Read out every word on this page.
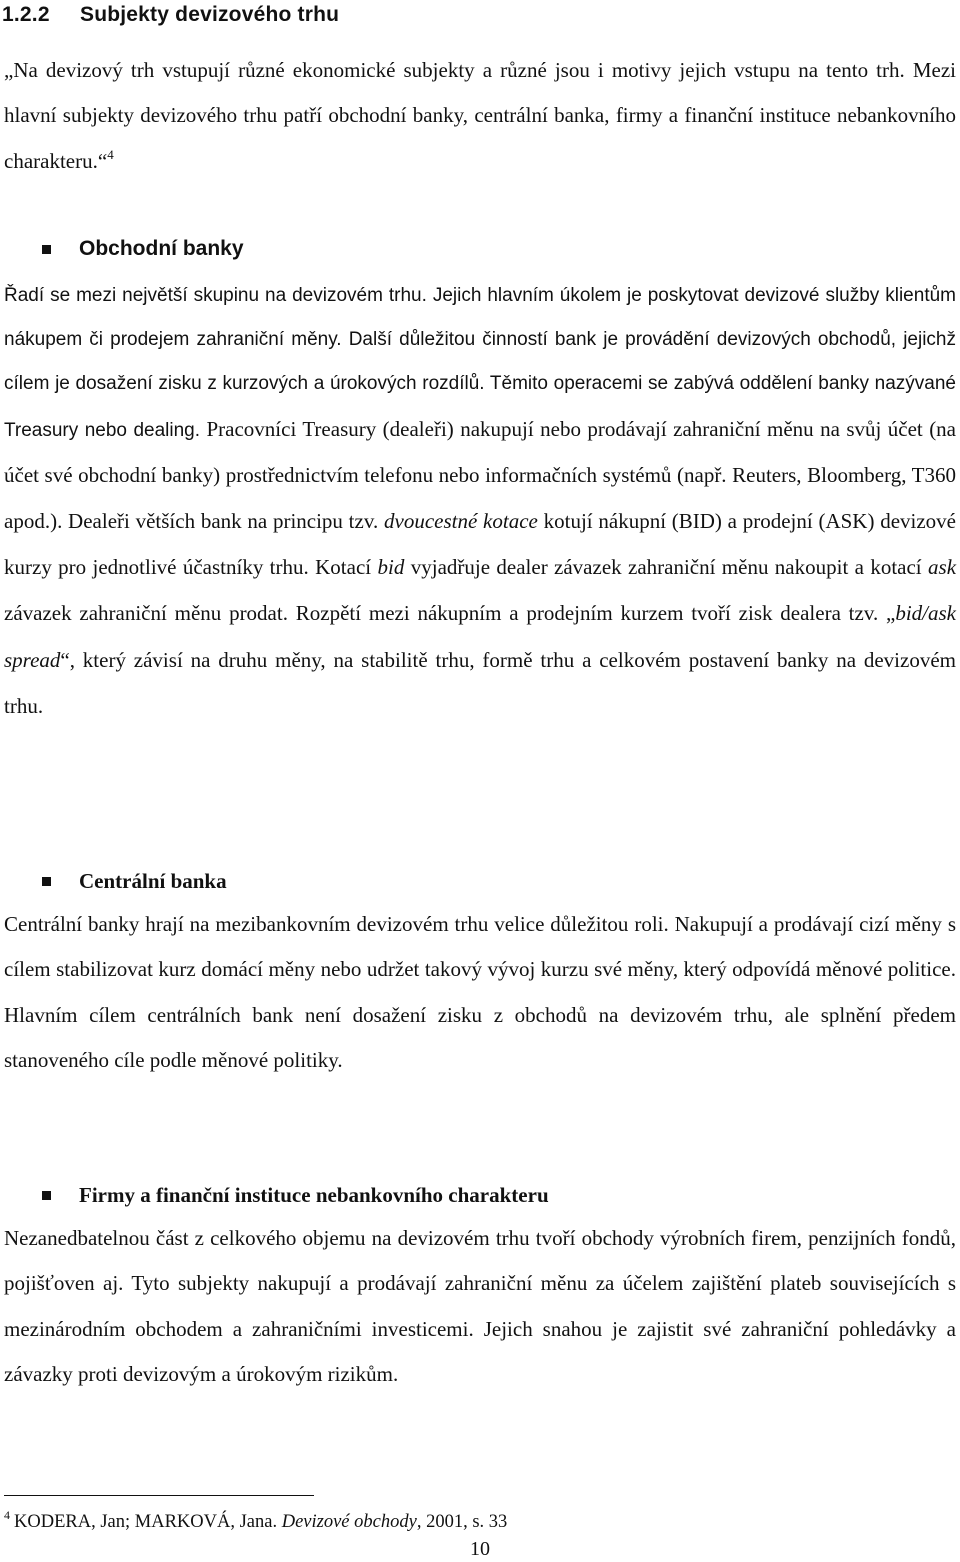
1.2.2 Subjekty devizového trhu

„Na devizový trh vstupují různé ekonomické subjekty a různé jsou i motivy jejich vstupu na tento trh. Mezi hlavní subjekty devizového trhu patří obchodní banky, centrální banka, firmy a finanční instituce nebankovního charakteru.“$^4$

Obchodní banky

Řadí se mezi největší skupinu na devizovém trhu. Jejich hlavním úkolem je poskytovat devizové služby klientům nákupem či prodejem zahraniční měny. Další důležitou činností bank je provádění devizových obchodů, jejichž cílem je dosažení zisku z kurzových a úrokových rozdílů. Těmito operacemi se zabývá oddělení banky nazývané Treasury nebo dealing. Pracovníci Treasury (dealeři) nakupují nebo prodávají zahraniční měnu na svůj účet (na účet své obchodní banky) prostřednictvím telefonu nebo informačních systémů (např. Reuters, Bloomberg, T360 apod.). Dealeři větších bank na principu tzv. dvoucestné kotace kotují nákupní (BID) a prodejní (ASK) devizové kurzy pro jednotlivé účastníky trhu. Kotací bid vyjadřuje dealer závazek zahraniční měnu nakoupit a kotací ask závazek zahraniční měnu prodat. Rozpětí mezi nákupním a prodejním kurzem tvoří zisk dealera tzv. „bid/ask spread“, který závisí na druhu měny, na stabilitě trhu, formě trhu a celkovém postavení banky na devizovém trhu.

Centrální banka

Centrální banky hrají na mezibankovním devizovém trhu velice důležitou roli. Nakupují a prodávají cizí měny s cílem stabilizovat kurz domácí měny nebo udržet takový vývoj kurzu své měny, který odpovídá měnové politice. Hlavním cílem centrálních bank není dosažení zisku z obchodů na devizovém trhu, ale splnění předem stanoveného cíle podle měnové politiky.

Firmy a finanční instituce nebankovního charakteru

Nezanedbatelnou část z celkového objemu na devizovém trhu tvoří obchody výrobních firem, penzijních fondů, pojišťoven aj. Tyto subjekty nakupují a prodávají zahraniční měnu za účelem zajištění plateb souvisejících s mezinárodním obchodem a zahraničními investicemi. Jejich snahou je zajistit své zahraniční pohledávky a závazky proti devizovým a úrokovým rizikům.

$^4$ KODERA, Jan; MARKOVÁ, Jana. Devizové obchody, 2001, s. 33
10
